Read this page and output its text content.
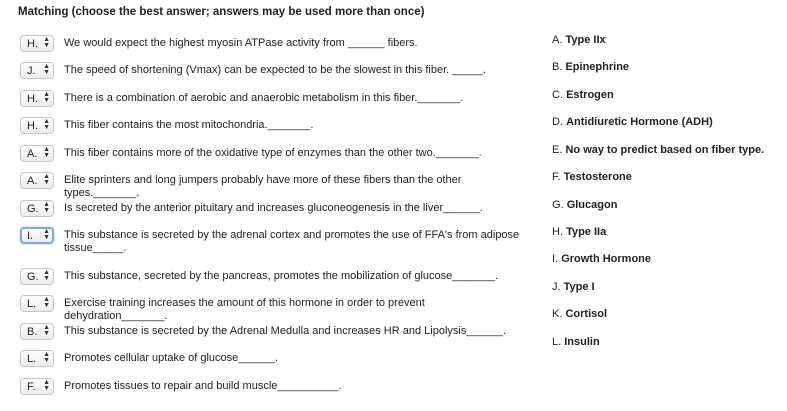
Matching (choose the best answer; answers may be used more than once)
H. ▲
▼ We would expect the highest myosin ATPase activity from ______ fibers.
J. ▲
▼ The speed of shortening (Vmax) can be expected to be the slowest in this fiber. _____.
H. ▲
▼ There is a combination of aerobic and anaerobic metabolism in this fiber._______.
H. ▲
▼ This fiber contains the most mitochondria._______.
A. ▲
▼ This fiber contains more of the oxidative type of enzymes than the other two._______.
A. ▲
▼ Elite sprinters and long jumpers probably have more of these fibers than the other types._______.
G. ▲
▼ Is secreted by the anterior pituitary and increases gluconeogenesis in the liver______.
I. ▲
▼ This substance is secreted by the adrenal cortex and promotes the use of FFA's from adipose tissue_____.
G. ▲
▼ This substance, secreted by the pancreas, promotes the mobilization of glucose_______.
L. ▲
▼ Exercise training increases the amount of this hormone in order to prevent dehydration_______.
B. ▲
▼ This substance is secreted by the Adrenal Medulla and increases HR and Lipolysis______.
L. ▲
▼ Promotes cellular uptake of glucose______.
F. ▲
▼ Promotes tissues to repair and build muscle__________.
A. Type IIx
B. Epinephrine
C. Estrogen
D. Antidiuretic Hormone (ADH)
E. No way to predict based on fiber type.
F. Testosterone
G. Glucagon
H. Type IIa
I. Growth Hormone
J. Type I
K. Cortisol
L. Insulin
